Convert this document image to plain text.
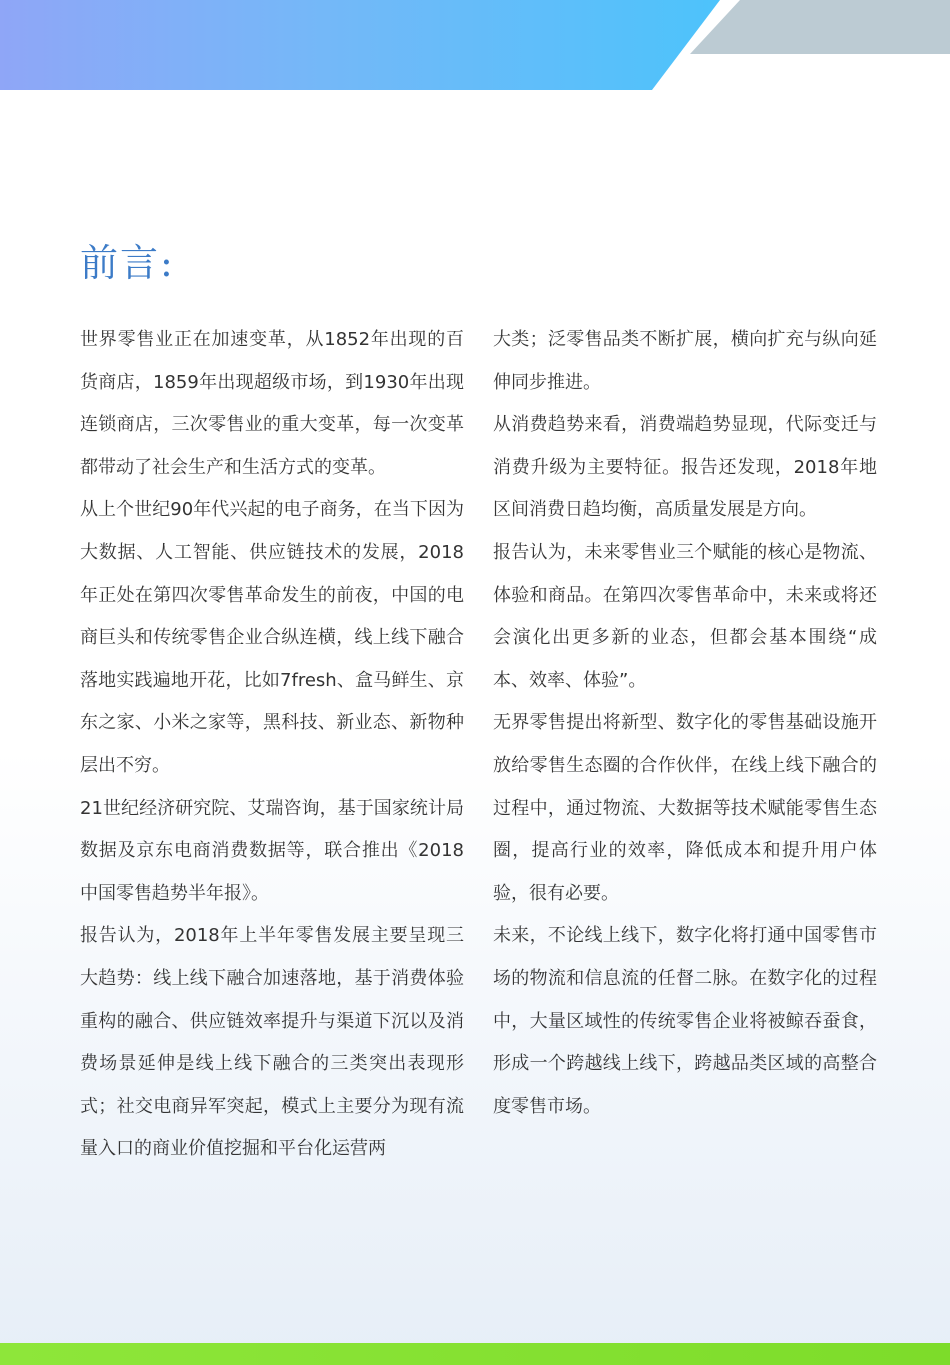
前言:

世界零售业正在加速变革，从1852年出现的百货商店，1859年出现超级市场，到1930年出现连锁商店，三次零售业的重大变革，每一次变革都带动了社会生产和生活方式的变革。

从上个世纪90年代兴起的电子商务，在当下因为大数据、人工智能、供应链技术的发展，2018年正处在第四次零售革命发生的前夜，中国的电商巨头和传统零售企业合纵连横，线上线下融合落地实践遍地开花，比如7fresh、盒马鲜生、京东之家、小米之家等，黑科技、新业态、新物种层出不穷。

21世纪经济研究院、艾瑞咨询，基于国家统计局数据及京东电商消费数据等，联合推出《2018中国零售趋势半年报》。

报告认为，2018年上半年零售发展主要呈现三大趋势：线上线下融合加速落地，基于消费体验重构的融合、供应链效率提升与渠道下沉以及消费场景延伸是线上线下融合的三类突出表现形式；社交电商异军突起，模式上主要分为现有流量入口的商业价值挖掘和平台化运营两

大类；泛零售品类不断扩展，横向扩充与纵向延伸同步推进。

从消费趋势来看，消费端趋势显现，代际变迁与消费升级为主要特征。报告还发现，2018年地区间消费日趋均衡，高质量发展是方向。

报告认为，未来零售业三个赋能的核心是物流、体验和商品。在第四次零售革命中，未来或将还会演化出更多新的业态，但都会基本围绕“成本、效率、体验”。

无界零售提出将新型、数字化的零售基础设施开放给零售生态圈的合作伙伴，在线上线下融合的过程中，通过物流、大数据等技术赋能零售生态圈，提高行业的效率，降低成本和提升用户体验，很有必要。

未来，不论线上线下，数字化将打通中国零售市场的物流和信息流的任督二脉。在数字化的过程中，大量区域性的传统零售企业将被鲸吞蚕食，形成一个跨越线上线下，跨越品类区域的高整合度零售市场。
